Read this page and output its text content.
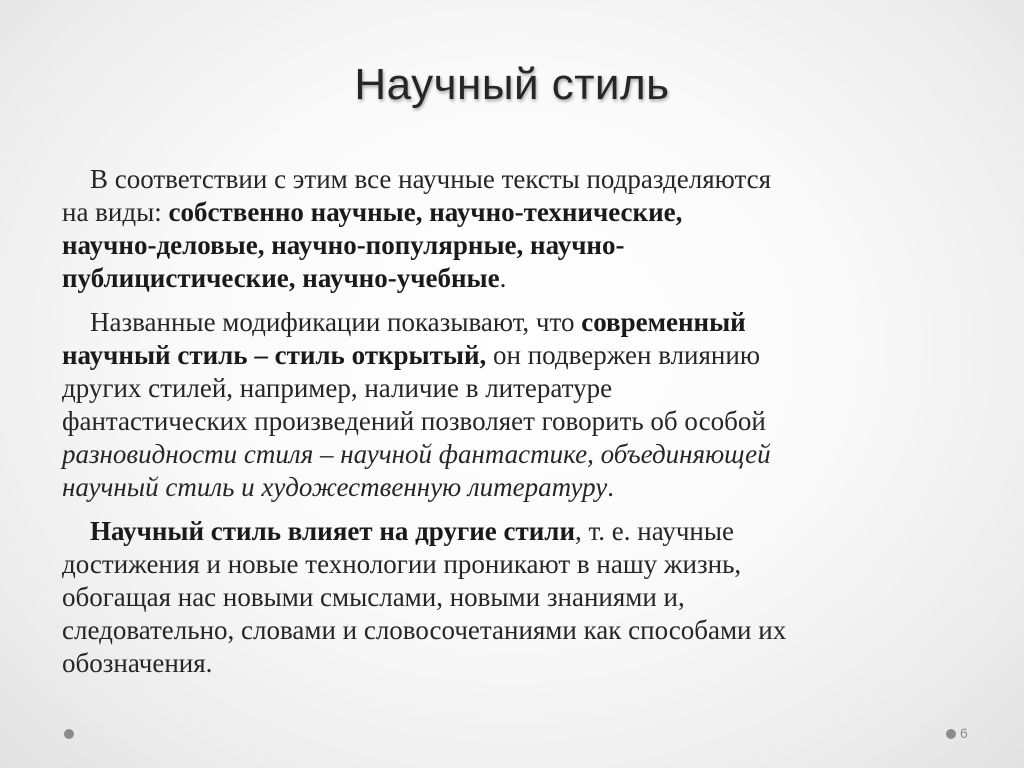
Научный стиль

В соответствии с этим все научные тексты подразделяются
на виды: собственно научные, научно-технические,
научно-деловые, научно-популярные, научно-
публицистические, научно-учебные.

Названные модификации показывают, что современный
научный стиль – стиль открытый, он подвержен влиянию
других стилей, например, наличие в литературе
фантастических произведений позволяет говорить об особой
разновидности стиля – научной фантастике, объединяющей
научный стиль и художественную литературу.

Научный стиль влияет на другие стили, т. е. научные
достижения и новые технологии проникают в нашу жизнь,
обогащая нас новыми смыслами, новыми знаниями и,
следовательно, словами и словосочетаниями как способами их
обозначения.

6
